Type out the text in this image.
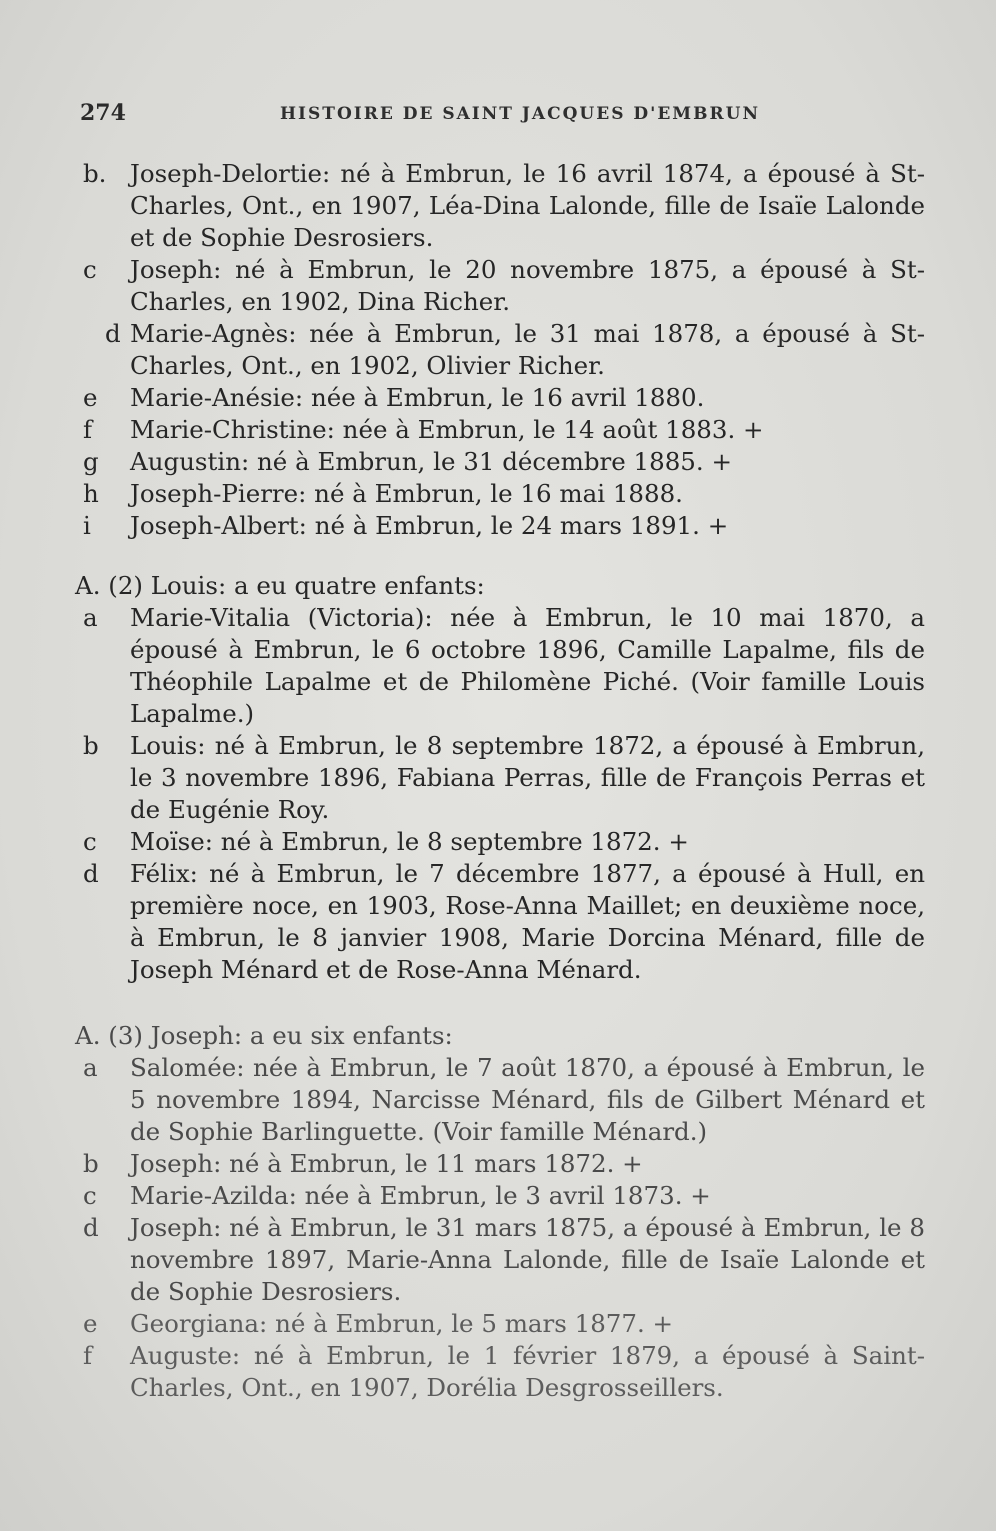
274	HISTOIRE DE SAINT JACQUES D'EMBRUN
b. Joseph-Delortie: né à Embrun, le 16 avril 1874, a épousé à St-Charles, Ont., en 1907, Léa-Dina Lalonde, fille de Isaïe Lalonde et de Sophie Desrosiers.
c	Joseph: né à Embrun, le 20 novembre 1875, a épousé à St-Charles, en 1902, Dina Richer.
d Marie-Agnès: née à Embrun, le 31 mai 1878, a épousé à St-Charles, Ont., en 1902, Olivier Richer.
e	Marie-Anésie: née à Embrun, le 16 avril 1880.
f	Marie-Christine: née à Embrun, le 14 août 1883. +
g	Augustin: né à Embrun, le 31 décembre 1885. +
h	Joseph-Pierre: né à Embrun, le 16 mai 1888.
i	Joseph-Albert: né à Embrun, le 24 mars 1891. +
A. (2) Louis: a eu quatre enfants:
a	Marie-Vitalia (Victoria): née à Embrun, le 10 mai 1870, a épousé à Embrun, le 6 octobre 1896, Camille Lapalme, fils de Théophile Lapalme et de Philomène Piché. (Voir famille Louis Lapalme.)
b	Louis: né à Embrun, le 8 septembre 1872, a épousé à Embrun, le 3 novembre 1896, Fabiana Perras, fille de François Perras et de Eugénie Roy.
c	Moïse: né à Embrun, le 8 septembre 1872. +
d	Félix: né à Embrun, le 7 décembre 1877, a épousé à Hull, en première noce, en 1903, Rose-Anna Maillet; en deuxième noce, à Embrun, le 8 janvier 1908, Marie Dorcina Ménard, fille de Joseph Ménard et de Rose-Anna Ménard.
A. (3) Joseph: a eu six enfants:
a	Salomée: née à Embrun, le 7 août 1870, a épousé à Embrun, le 5 novembre 1894, Narcisse Ménard, fils de Gilbert Ménard et de Sophie Barlinguette. (Voir famille Ménard.)
b	Joseph: né à Embrun, le 11 mars 1872. +
c	Marie-Azilda: née à Embrun, le 3 avril 1873. +
d	Joseph: né à Embrun, le 31 mars 1875, a épousé à Embrun, le 8 novembre 1897, Marie-Anna Lalonde, fille de Isaïe Lalonde et de Sophie Desrosiers.
e	Georgiana: né à Embrun, le 5 mars 1877. +
f	Auguste: né à Embrun, le 1 février 1879, a épousé à Saint-Charles, Ont., en 1907, Dorélia Desgrosseillers.
